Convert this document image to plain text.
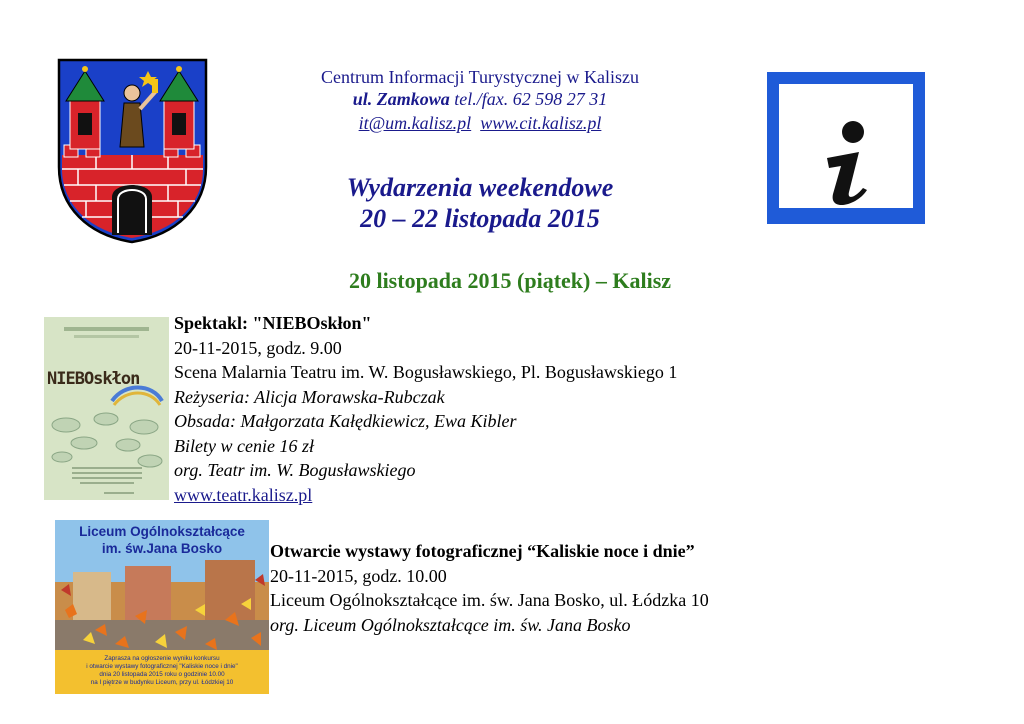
Centrum Informacji Turystycznej w Kaliszu
ul. Zamkowa tel./fax. 62 598 27 31
it@um.kalisz.pl www.cit.kalisz.pl
Wydarzenia weekendowe
20 – 22 listopada 2015
20 listopada 2015 (piątek) – Kalisz
NIEBOskłon
Spektakl: "NIEBOskłon"
20-11-2015, godz. 9.00
Scena Malarnia Teatru im. W. Bogusławskiego, Pl. Bogusławskiego 1
Reżyseria: Alicja Morawska-Rubczak
Obsada: Małgorzata Kałędkiewicz, Ewa Kibler
Bilety w cenie 16 zł
org. Teatr im. W. Bogusławskiego
www.teatr.kalisz.pl
Liceum Ogólnokształcące
im. św.Jana Bosko
Zaprasza na ogłoszenie wyniku konkursu
i otwarcie wystawy fotograficznej "Kaliskie noce i dnie"
dnia 20 listopada 2015 roku o godzinie 10.00
na I piętrze w budynku Liceum, przy ul. Łódzkiej 10
Otwarcie wystawy fotograficznej “Kaliskie noce i dnie”
20-11-2015, godz. 10.00
Liceum Ogólnokształcące im. św. Jana Bosko, ul. Łódzka 10
org. Liceum Ogólnokształcące im. św. Jana Bosko
